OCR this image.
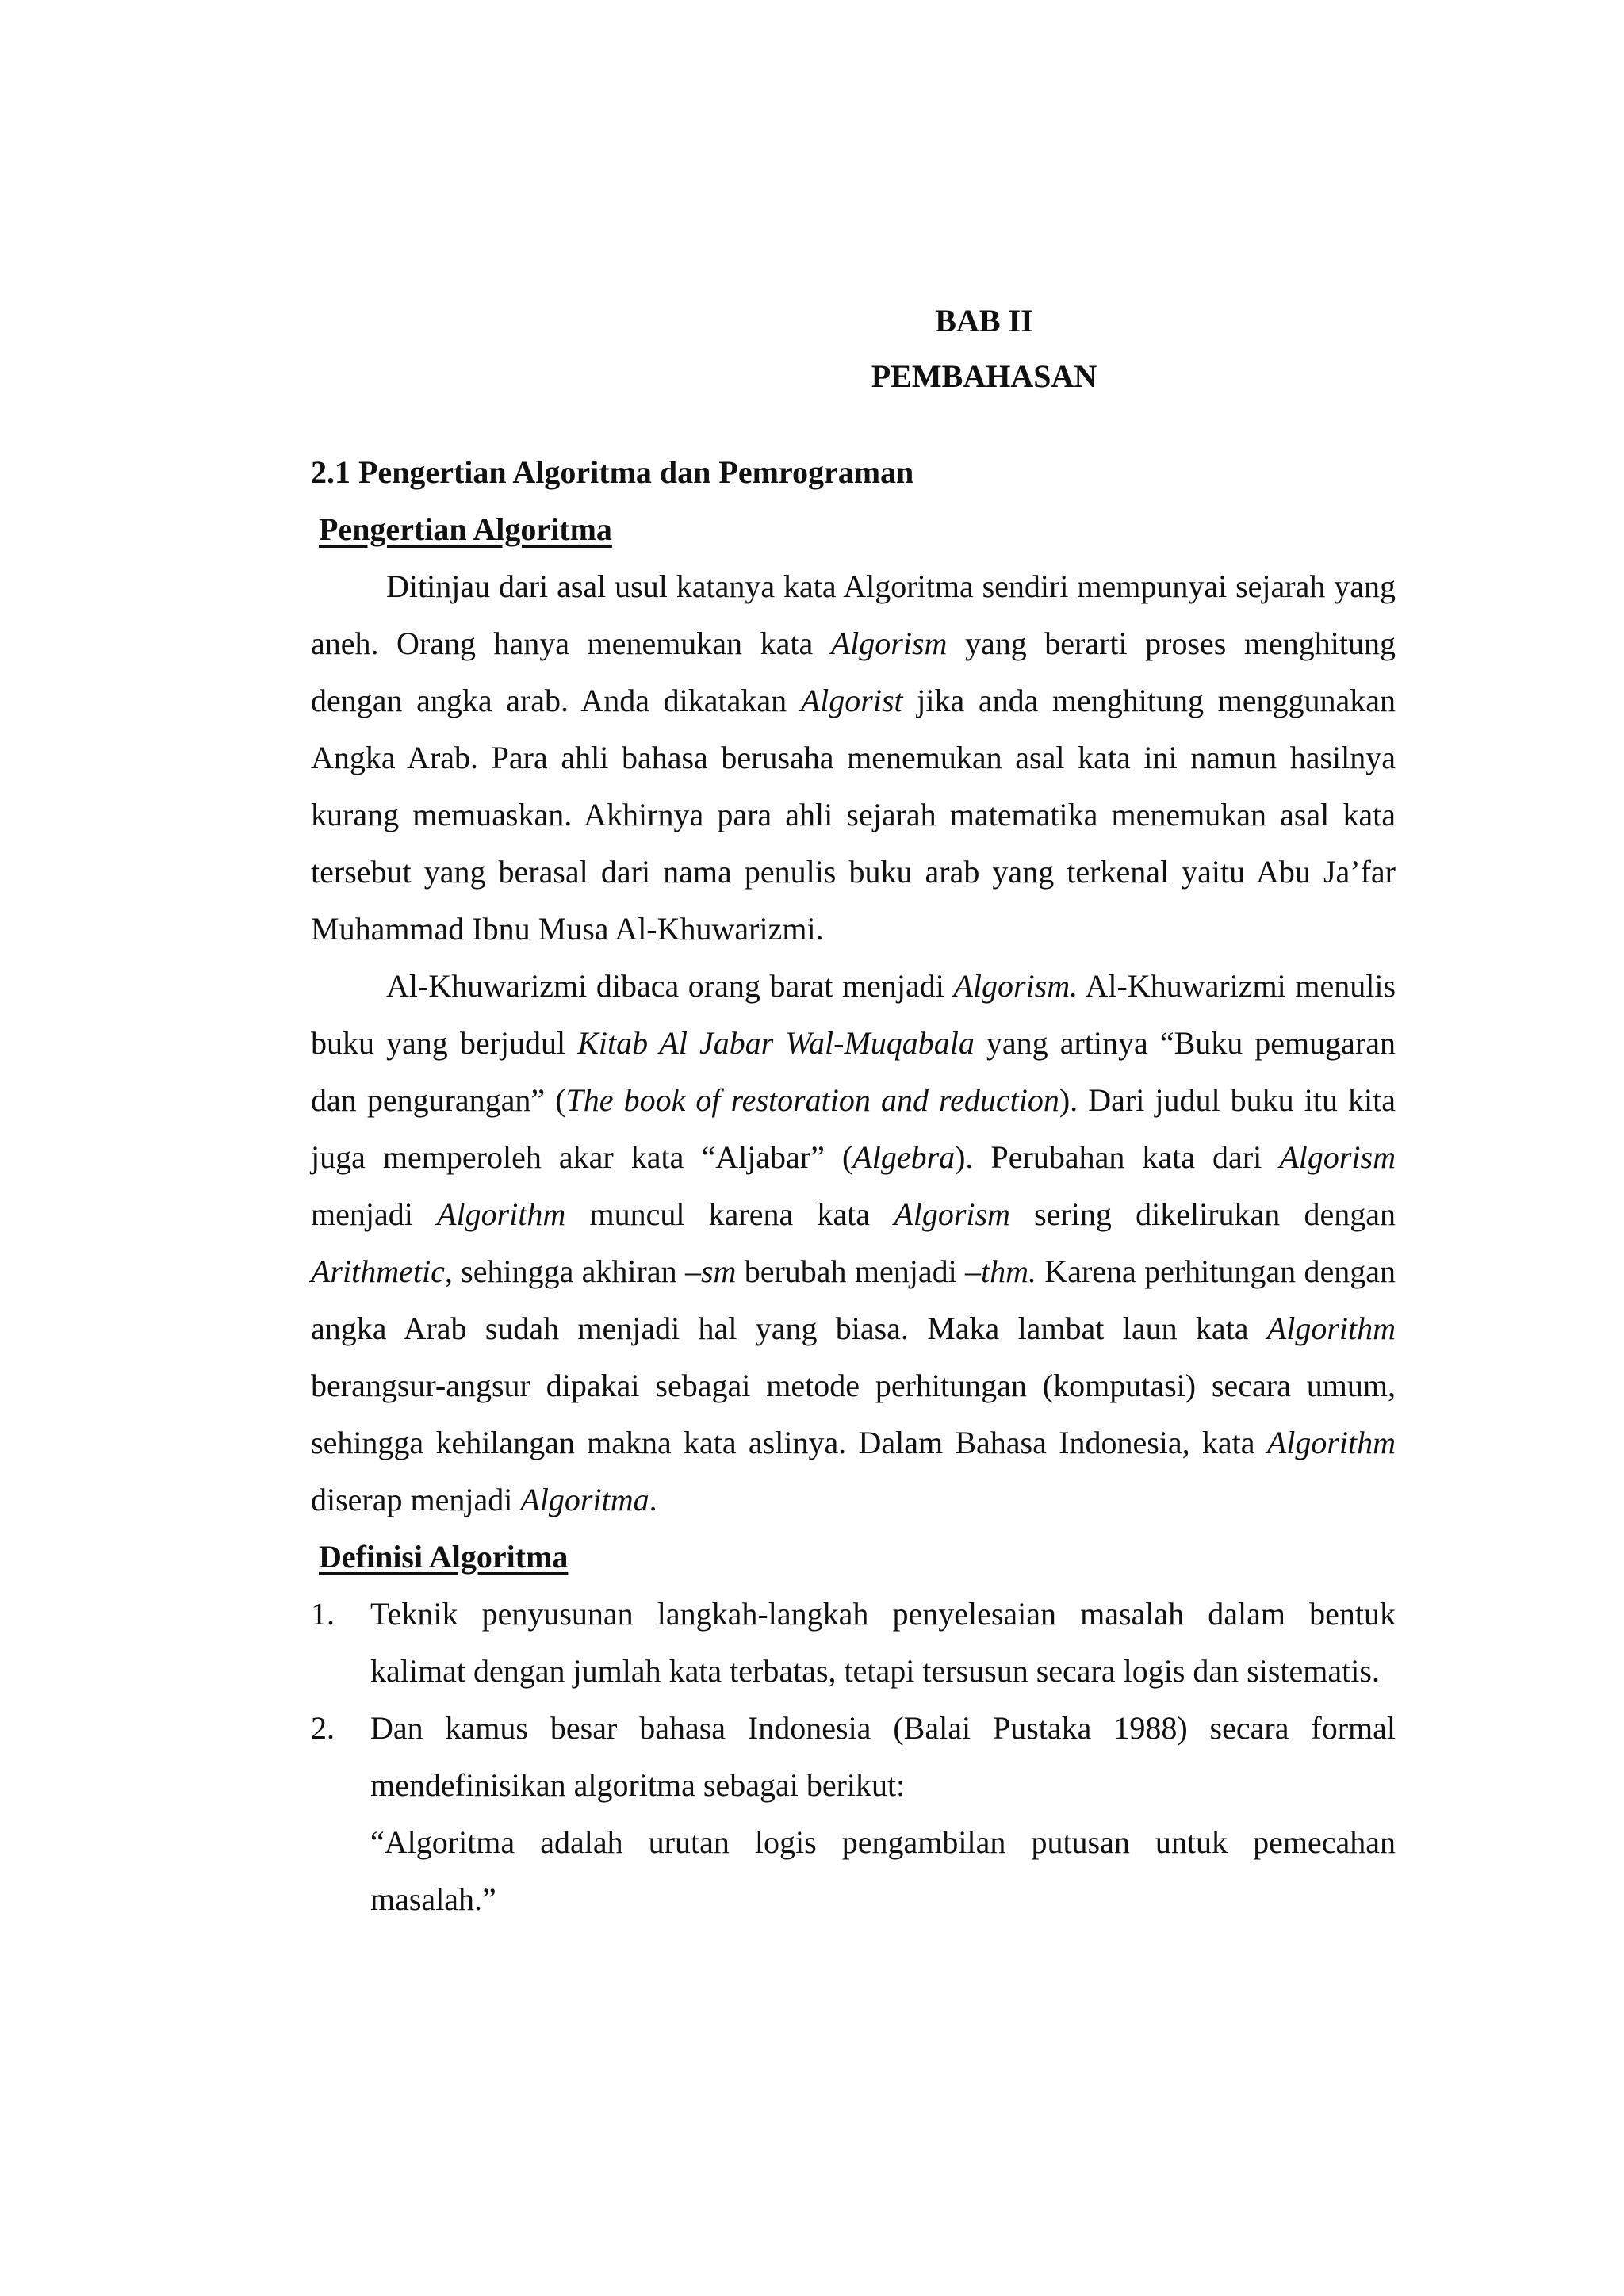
BAB II
PEMBAHASAN
2.1 Pengertian Algoritma dan Pemrograman
Pengertian Algoritma

Ditinjau dari asal usul katanya kata Algoritma sendiri mempunyai sejarah yang aneh. Orang hanya menemukan kata Algorism yang berarti proses menghitung dengan angka arab. Anda dikatakan Algorist jika anda menghitung menggunakan Angka Arab. Para ahli bahasa berusaha menemukan asal kata ini namun hasilnya kurang memuaskan. Akhirnya para ahli sejarah matematika menemukan asal kata tersebut yang berasal dari nama penulis buku arab yang terkenal yaitu Abu Ja’far Muhammad Ibnu Musa Al-Khuwarizmi.

Al-Khuwarizmi dibaca orang barat menjadi Algorism. Al-Khuwarizmi menulis buku yang berjudul Kitab Al Jabar Wal-Muqabala yang artinya “Buku pemugaran dan pengurangan” (The book of restoration and reduction). Dari judul buku itu kita juga memperoleh akar kata “Aljabar” (Algebra). Perubahan kata dari Algorism menjadi Algorithm muncul karena kata Algorism sering dikelirukan dengan Arithmetic, sehingga akhiran –sm berubah menjadi –thm. Karena perhitungan dengan angka Arab sudah menjadi hal yang biasa. Maka lambat laun kata Algorithm berangsur-angsur dipakai sebagai metode perhitungan (komputasi) secara umum, sehingga kehilangan makna kata aslinya. Dalam Bahasa Indonesia, kata Algorithm diserap menjadi Algoritma.

Definisi Algoritma
1. Teknik penyusunan langkah-langkah penyelesaian masalah dalam bentuk kalimat dengan jumlah kata terbatas, tetapi tersusun secara logis dan sistematis.
2. Dan kamus besar bahasa Indonesia (Balai Pustaka 1988) secara formal mendefinisikan algoritma sebagai berikut:

“Algoritma adalah urutan logis pengambilan putusan untuk pemecahan masalah.”
